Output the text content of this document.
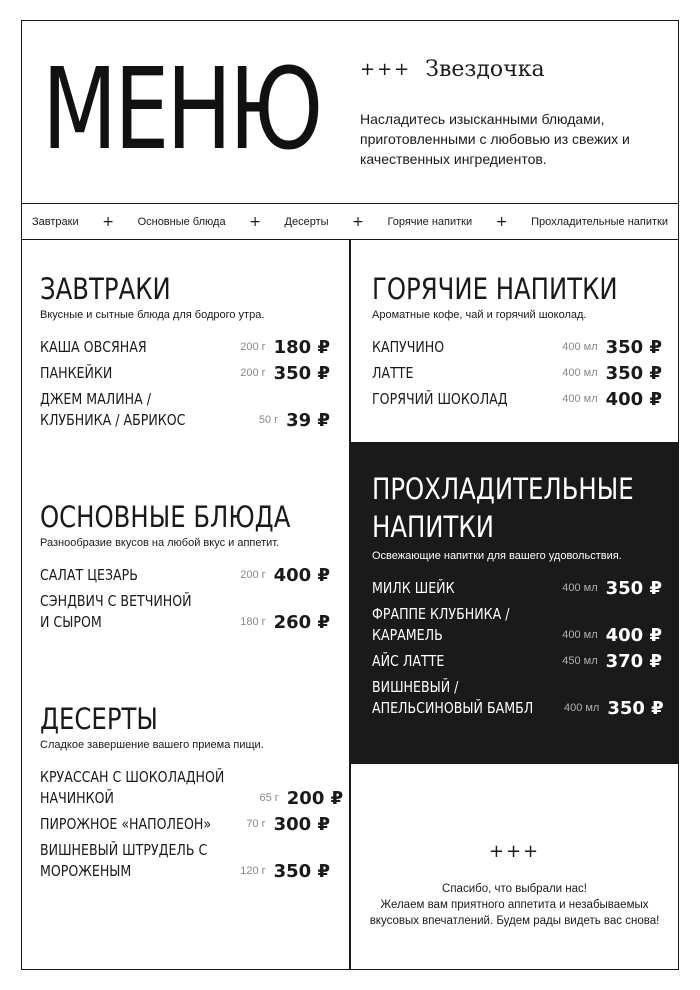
МЕНЮ +++ Звездочка
Насладитесь изысканными блюдами, приготовленными с любовью из свежих и качественных ингредиентов.
Завтраки + Основные блюда + Десерты + Горячие напитки + Прохладительные напитки
ЗАВТРАКИ
Вкусные и сытные блюда для бодрого утра.
КАША ОВСЯНАЯ	200 г 180 ₽
ПАНКЕЙКИ	200 г 350 ₽
ДЖЕМ МАЛИНА /
КЛУБНИКА / АБРИКОС	50 г 39 ₽
ОСНОВНЫЕ БЛЮДА
Разнообразие вкусов на любой вкус и аппетит.
САЛАТ ЦЕЗАРЬ	200 г 400 ₽
СЭНДВИЧ С ВЕТЧИНОЙ
И СЫРОМ	180 г 260 ₽
ДЕСЕРТЫ
Сладкое завершение вашего приема пищи.
КРУАССАН С ШОКОЛАДНОЙ
НАЧИНКОЙ	65 г 200 ₽
ПИРОЖНОЕ «НАПОЛЕОН»	70 г 300 ₽
ВИШНЕВЫЙ ШТРУДЕЛЬ С
МОРОЖЕНЫМ	120 г 350 ₽
ГОРЯЧИЕ НАПИТКИ
Ароматные кофе, чай и горячий шоколад.
КАПУЧИНО	400 мл 350 ₽
ЛАТТЕ	400 мл 350 ₽
ГОРЯЧИЙ ШОКОЛАД	400 мл 400 ₽
ПРОХЛАДИТЕЛЬНЫЕ
НАПИТКИ
Освежающие напитки для вашего удовольствия.
МИЛК ШЕЙК	400 мл 350 ₽
ФРАППЕ КЛУБНИКА /
КАРАМЕЛЬ	400 мл 400 ₽
АЙС ЛАТТЕ	450 мл 370 ₽
ВИШНЕВЫЙ /
АПЕЛЬСИНОВЫЙ БАМБЛ	400 мл 350 ₽
+++
Спасибо, что выбрали нас!
Желаем вам приятного аппетита и незабываемых вкусовых впечатлений. Будем рады видеть вас снова!
